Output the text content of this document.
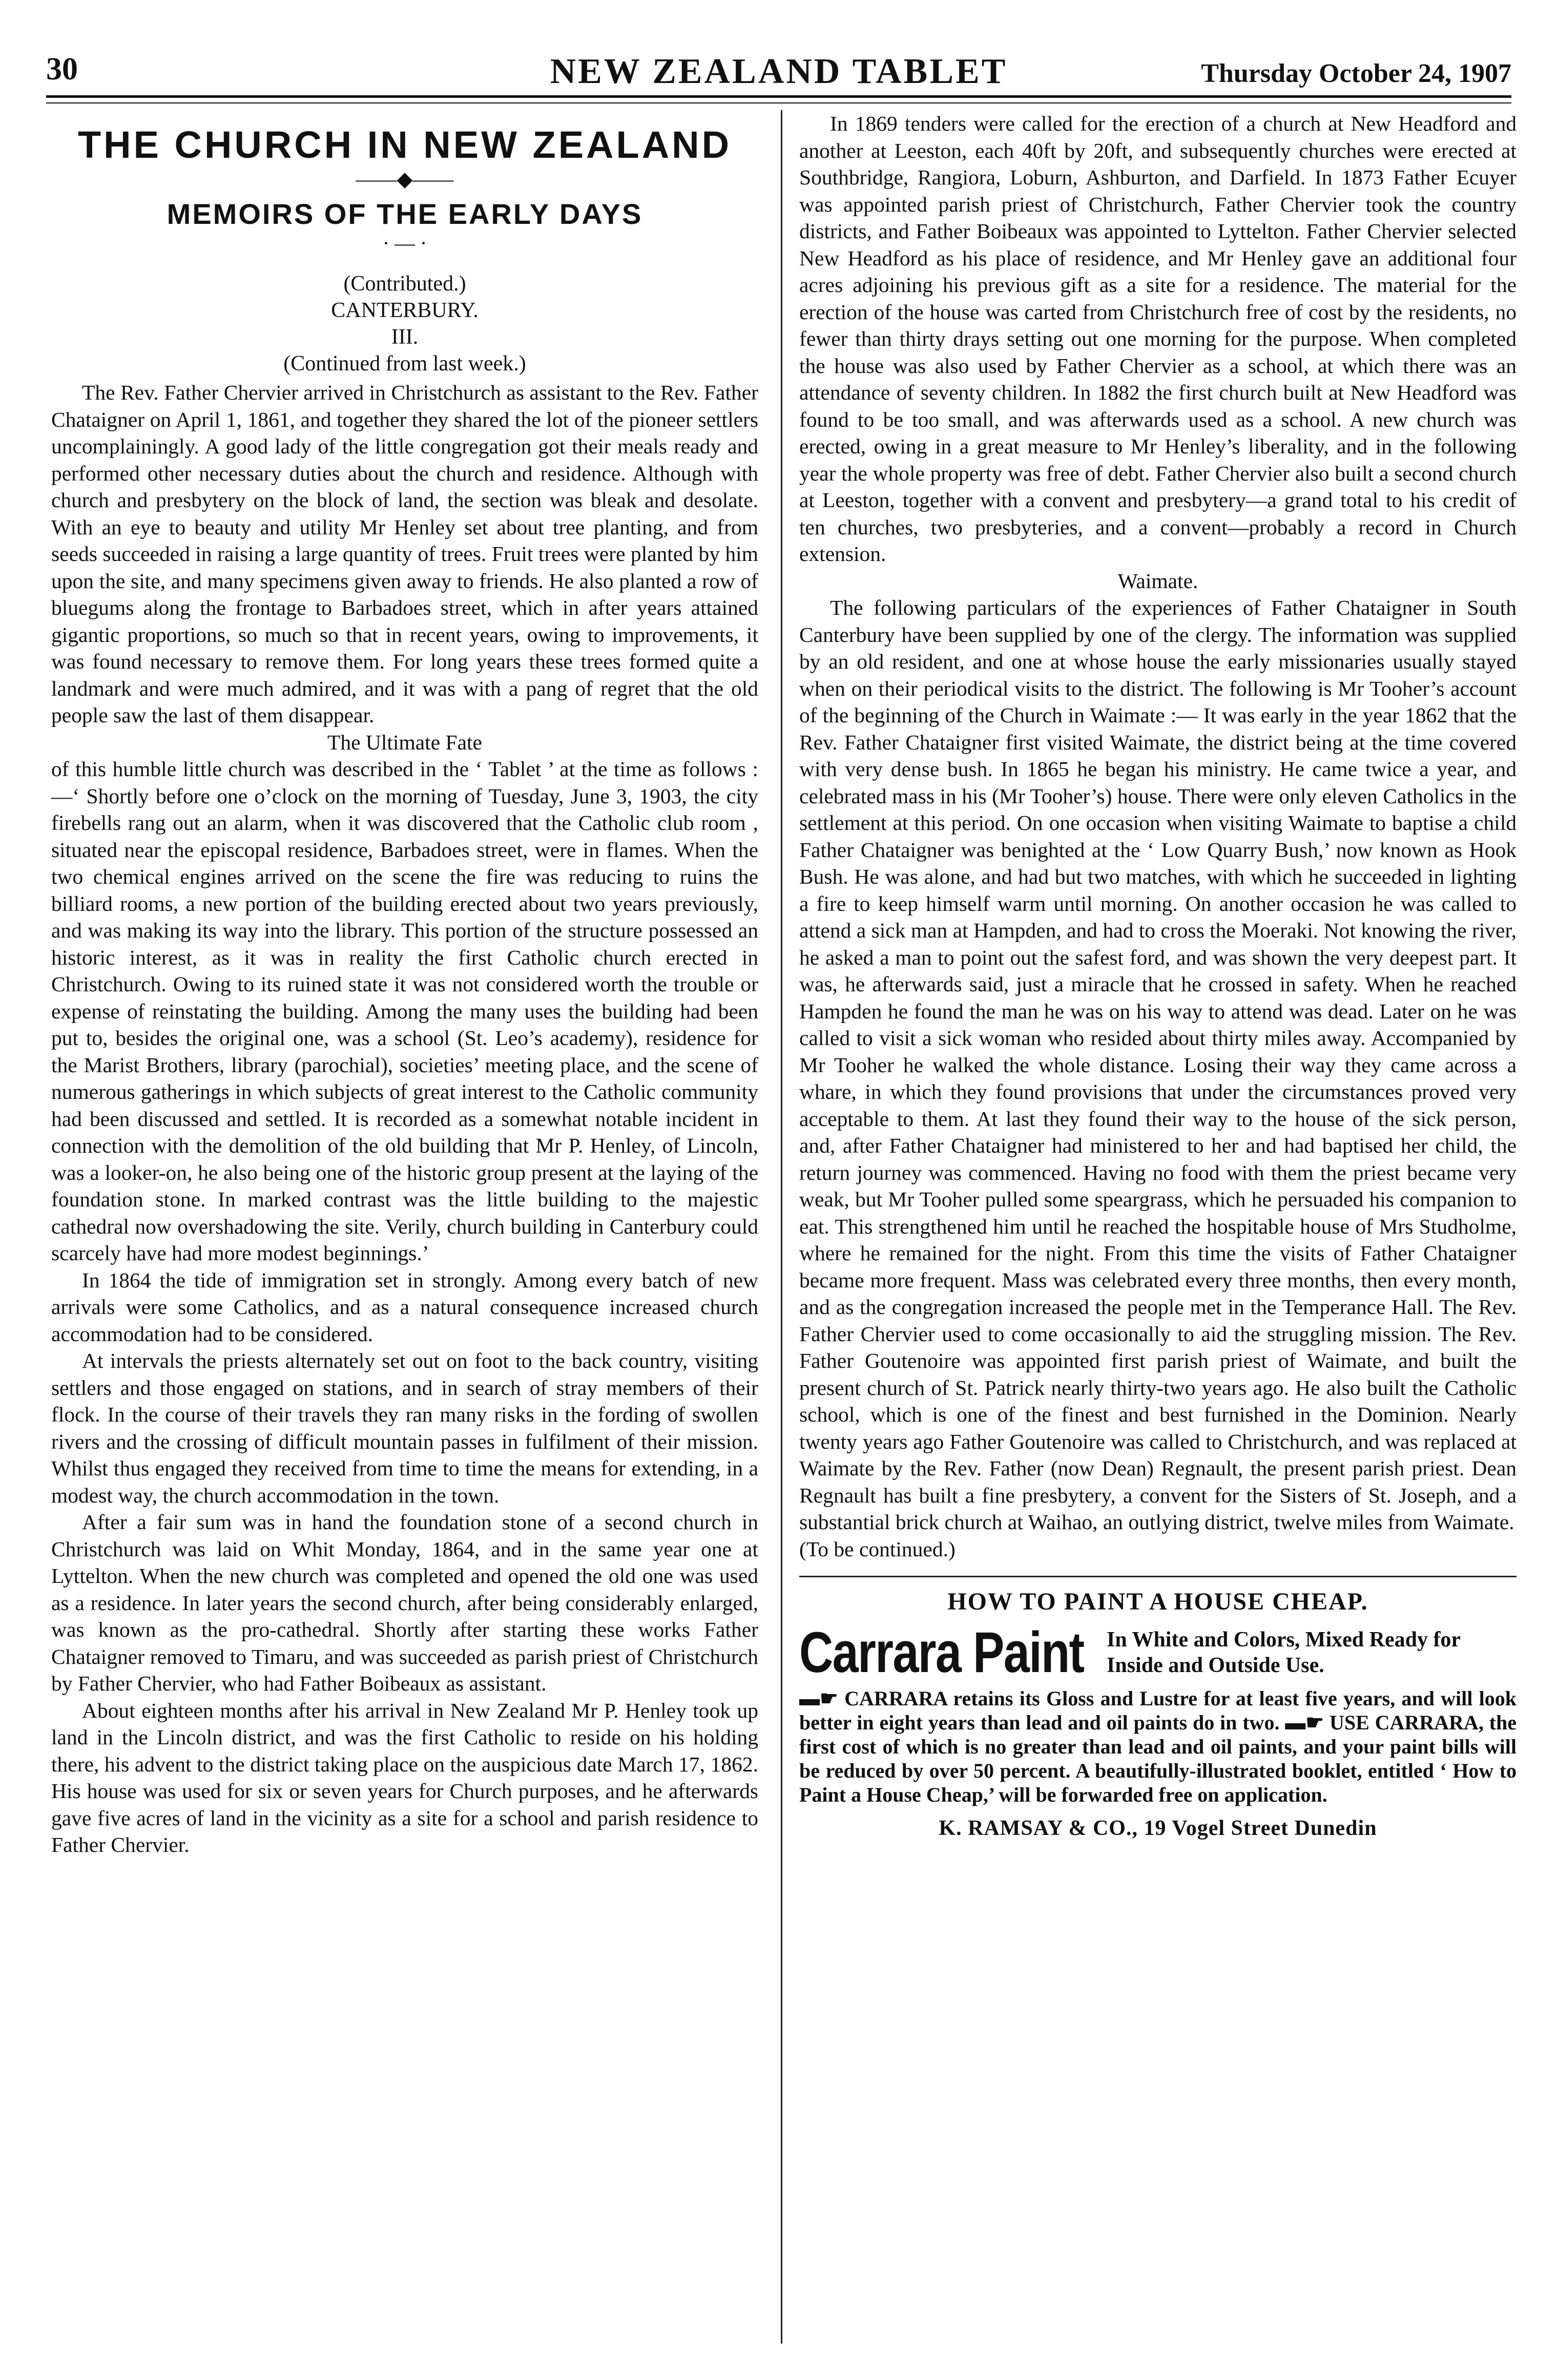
30	NEW ZEALAND TABLET	Thursday October 24, 1907
THE CHURCH IN NEW ZEALAND

——◆——

MEMOIRS OF THE EARLY DAYS

· — ·

(Contributed.)

CANTERBURY.

III.

(Continued from last week.)

The Rev. Father Chervier arrived in Christchurch as assistant to the Rev. Father Chataigner on April 1, 1861, and together they shared the lot of the pioneer settlers uncomplainingly. A good lady of the little congregation got their meals ready and performed other necessary duties about the church and residence. Although with church and presbytery on the block of land, the section was bleak and desolate. With an eye to beauty and utility Mr Henley set about tree planting, and from seeds succeeded in raising a large quantity of trees. Fruit trees were planted by him upon the site, and many specimens given away to friends. He also planted a row of bluegums along the frontage to Barbadoes street, which in after years attained gigantic proportions, so much so that in recent years, owing to improvements, it was found necessary to remove them. For long years these trees formed quite a landmark and were much admired, and it was with a pang of regret that the old people saw the last of them disappear.

The Ultimate Fate

of this humble little church was described in the ‘ Tablet ’ at the time as follows :—‘ Shortly before one o’clock on the morning of Tuesday, June 3, 1903, the city firebells rang out an alarm, when it was discovered that the Catholic club room , situated near the episcopal residence, Barbadoes street, were in flames. When the two chemical engines arrived on the scene the fire was reducing to ruins the billiard rooms, a new portion of the building erected about two years previously, and was making its way into the library. This portion of the structure possessed an historic interest, as it was in reality the first Catholic church erected in Christchurch. Owing to its ruined state it was not considered worth the trouble or expense of reinstating the building. Among the many uses the building had been put to, besides the original one, was a school (St. Leo’s academy), residence for the Marist Brothers, library (parochial), societies’ meeting place, and the scene of numerous gatherings in which subjects of great interest to the Catholic community had been discussed and settled. It is recorded as a somewhat notable incident in connection with the demolition of the old building that Mr P. Henley, of Lincoln, was a looker-on, he also being one of the historic group present at the laying of the foundation stone. In marked contrast was the little building to the majestic cathedral now overshadowing the site. Verily, church building in Canterbury could scarcely have had more modest beginnings.’

In 1864 the tide of immigration set in strongly. Among every batch of new arrivals were some Catholics, and as a natural consequence increased church accommodation had to be considered.

At intervals the priests alternately set out on foot to the back country, visiting settlers and those engaged on stations, and in search of stray members of their flock. In the course of their travels they ran many risks in the fording of swollen rivers and the crossing of difficult mountain passes in fulfilment of their mission. Whilst thus engaged they received from time to time the means for extending, in a modest way, the church accommodation in the town.

After a fair sum was in hand the foundation stone of a second church in Christchurch was laid on Whit Monday, 1864, and in the same year one at Lyttelton. When the new church was completed and opened the old one was used as a residence. In later years the second church, after being considerably enlarged, was known as the pro-cathedral. Shortly after starting these works Father Chataigner removed to Timaru, and was succeeded as parish priest of Christchurch by Father Chervier, who had Father Boibeaux as assistant.

About eighteen months after his arrival in New Zealand Mr P. Henley took up land in the Lincoln district, and was the first Catholic to reside on his holding there, his advent to the district taking place on the auspicious date March 17, 1862. His house was used for six or seven years for Church purposes, and he afterwards gave five acres of land in the vicinity as a site for a school and parish residence to Father Chervier.

In 1869 tenders were called for the erection of a church at New Headford and another at Leeston, each 40ft by 20ft, and subsequently churches were erected at Southbridge, Rangiora, Loburn, Ashburton, and Darfield. In 1873 Father Ecuyer was appointed parish priest of Christchurch, Father Chervier took the country districts, and Father Boibeaux was appointed to Lyttelton. Father Chervier selected New Headford as his place of residence, and Mr Henley gave an additional four acres adjoining his previous gift as a site for a residence. The material for the erection of the house was carted from Christchurch free of cost by the residents, no fewer than thirty drays setting out one morning for the purpose. When completed the house was also used by Father Chervier as a school, at which there was an attendance of seventy children. In 1882 the first church built at New Headford was found to be too small, and was afterwards used as a school. A new church was erected, owing in a great measure to Mr Henley’s liberality, and in the following year the whole property was free of debt. Father Chervier also built a second church at Leeston, together with a convent and presbytery—a grand total to his credit of ten churches, two presbyteries, and a convent—probably a record in Church extension.

Waimate.

The following particulars of the experiences of Father Chataigner in South Canterbury have been supplied by one of the clergy. The information was supplied by an old resident, and one at whose house the early missionaries usually stayed when on their periodical visits to the district. The following is Mr Tooher’s account of the beginning of the Church in Waimate :— It was early in the year 1862 that the Rev. Father Chataigner first visited Waimate, the district being at the time covered with very dense bush. In 1865 he began his ministry. He came twice a year, and celebrated mass in his (Mr Tooher’s) house. There were only eleven Catholics in the settlement at this period. On one occasion when visiting Waimate to baptise a child Father Chataigner was benighted at the ‘ Low Quarry Bush,’ now known as Hook Bush. He was alone, and had but two matches, with which he succeeded in lighting a fire to keep himself warm until morning. On another occasion he was called to attend a sick man at Hampden, and had to cross the Moeraki. Not knowing the river, he asked a man to point out the safest ford, and was shown the very deepest part. It was, he afterwards said, just a miracle that he crossed in safety. When he reached Hampden he found the man he was on his way to attend was dead. Later on he was called to visit a sick woman who resided about thirty miles away. Accompanied by Mr Tooher he walked the whole distance. Losing their way they came across a whare, in which they found provisions that under the circumstances proved very acceptable to them. At last they found their way to the house of the sick person, and, after Father Chataigner had ministered to her and had baptised her child, the return journey was commenced. Having no food with them the priest became very weak, but Mr Tooher pulled some speargrass, which he persuaded his companion to eat. This strengthened him until he reached the hospitable house of Mrs Studholme, where he remained for the night. From this time the visits of Father Chataigner became more frequent. Mass was celebrated every three months, then every month, and as the congregation increased the people met in the Temperance Hall. The Rev. Father Chervier used to come occasionally to aid the struggling mission. The Rev. Father Goutenoire was appointed first parish priest of Waimate, and built the present church of St. Patrick nearly thirty-two years ago. He also built the Catholic school, which is one of the finest and best furnished in the Dominion. Nearly twenty years ago Father Goutenoire was called to Christchurch, and was replaced at Waimate by the Rev. Father (now Dean) Regnault, the present parish priest. Dean Regnault has built a fine presbytery, a convent for the Sisters of St. Joseph, and a substantial brick church at Waihao, an outlying district, twelve miles from Waimate.

(To be continued.)

HOW TO PAINT A HOUSE CHEAP.

Carrara Paint In White and Colors, Mixed Ready for
Inside and Outside Use.

▬☛ CARRARA retains its Gloss and Lustre for at least five years, and will look better in eight years than lead and oil paints do in two. ▬☛ USE CARRARA, the first cost of which is no greater than lead and oil paints, and your paint bills will be reduced by over 50 percent. A beautifully-illustrated booklet, entitled ‘ How to Paint a House Cheap,’ will be forwarded free on application.

K. RAMSAY & CO., 19 Vogel Street Dunedin
